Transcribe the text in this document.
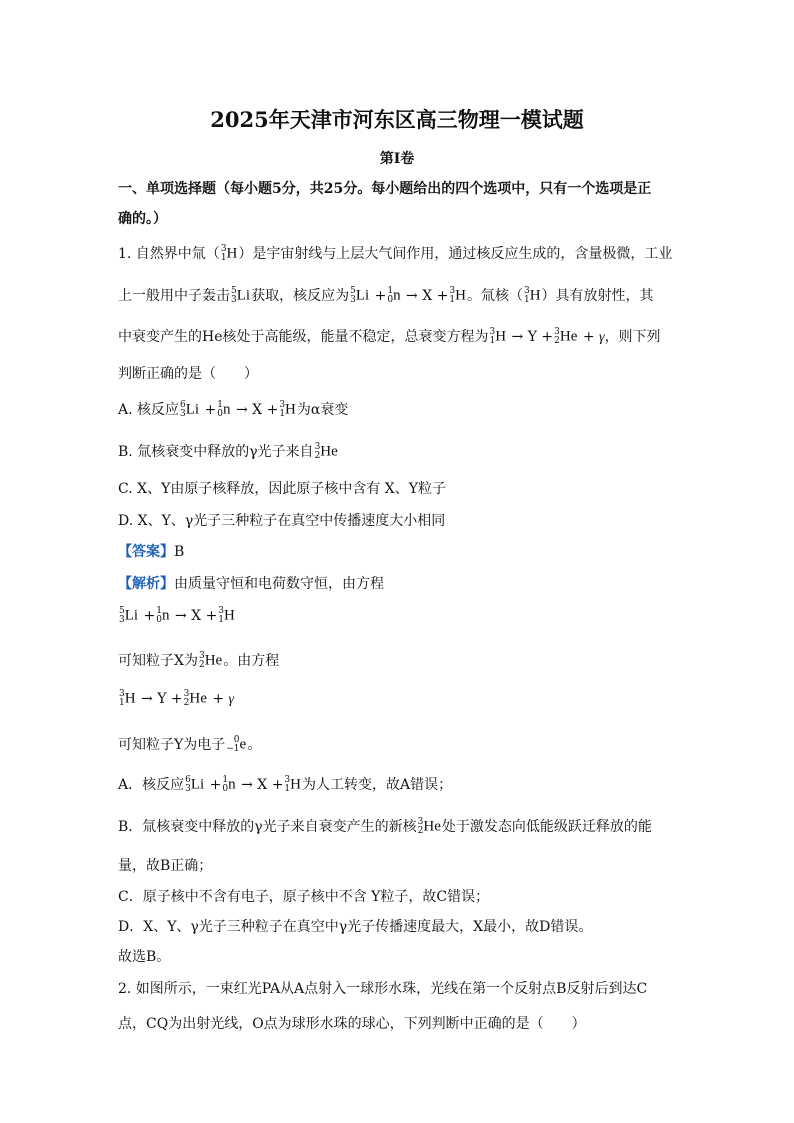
2025年天津市河东区高三物理一模试题
第I卷
一、单项选择题（每小题5分，共25分。每小题给出的四个选项中，只有一个选项是正
确的。）
1. 自然界中氚（ 3
1 H）是宇宙射线与上层大气间作用，通过核反应生成的，含量极微，工业
上一般用中子轰击 5
3 Li获取，核反应为 5
3 Li + 1
0 n → X + 3
1 H。氚核（ 3
1 H）具有放射性，其
中衰变产生的He核处于高能级，能量不稳定，总衰变方程为 3
1 H → Y + 3
2 He + γ，则下列
判断正确的是（　　）
A. 核反应 6
3 Li + 1
0 n → X + 3
1 H为α衰变
B. 氚核衰变中释放的γ光子来自 3
2 He
C. X、Y由原子核释放，因此原子核中含有 X、Y粒子
D. X、Y、γ光子三种粒子在真空中传播速度大小相同
【答案】B
【解析】由质量守恒和电荷数守恒，由方程
5
3 Li + 1
0 n → X + 3
1 H
可知粒子X为 3
2 He。由方程
3
1 H → Y + 3
2 He + γ
可知粒子Y为电子 0
−1 e。
A．核反应 6
3 Li + 1
0 n → X + 3
1 H为人工转变，故A错误；
B．氚核衰变中释放的γ光子来自衰变产生的新核 3
2 He处于激发态向低能级跃迁释放的能
量，故B正确；
C．原子核中不含有电子，原子核中不含 Y粒子，故C错误；
D．X、Y、γ光子三种粒子在真空中γ光子传播速度最大，X最小，故D错误。
故选B。
2. 如图所示，一束红光PA从A点射入一球形水珠，光线在第一个反射点B反射后到达C
点，CQ为出射光线，O点为球形水珠的球心，下列判断中正确的是（　　）
